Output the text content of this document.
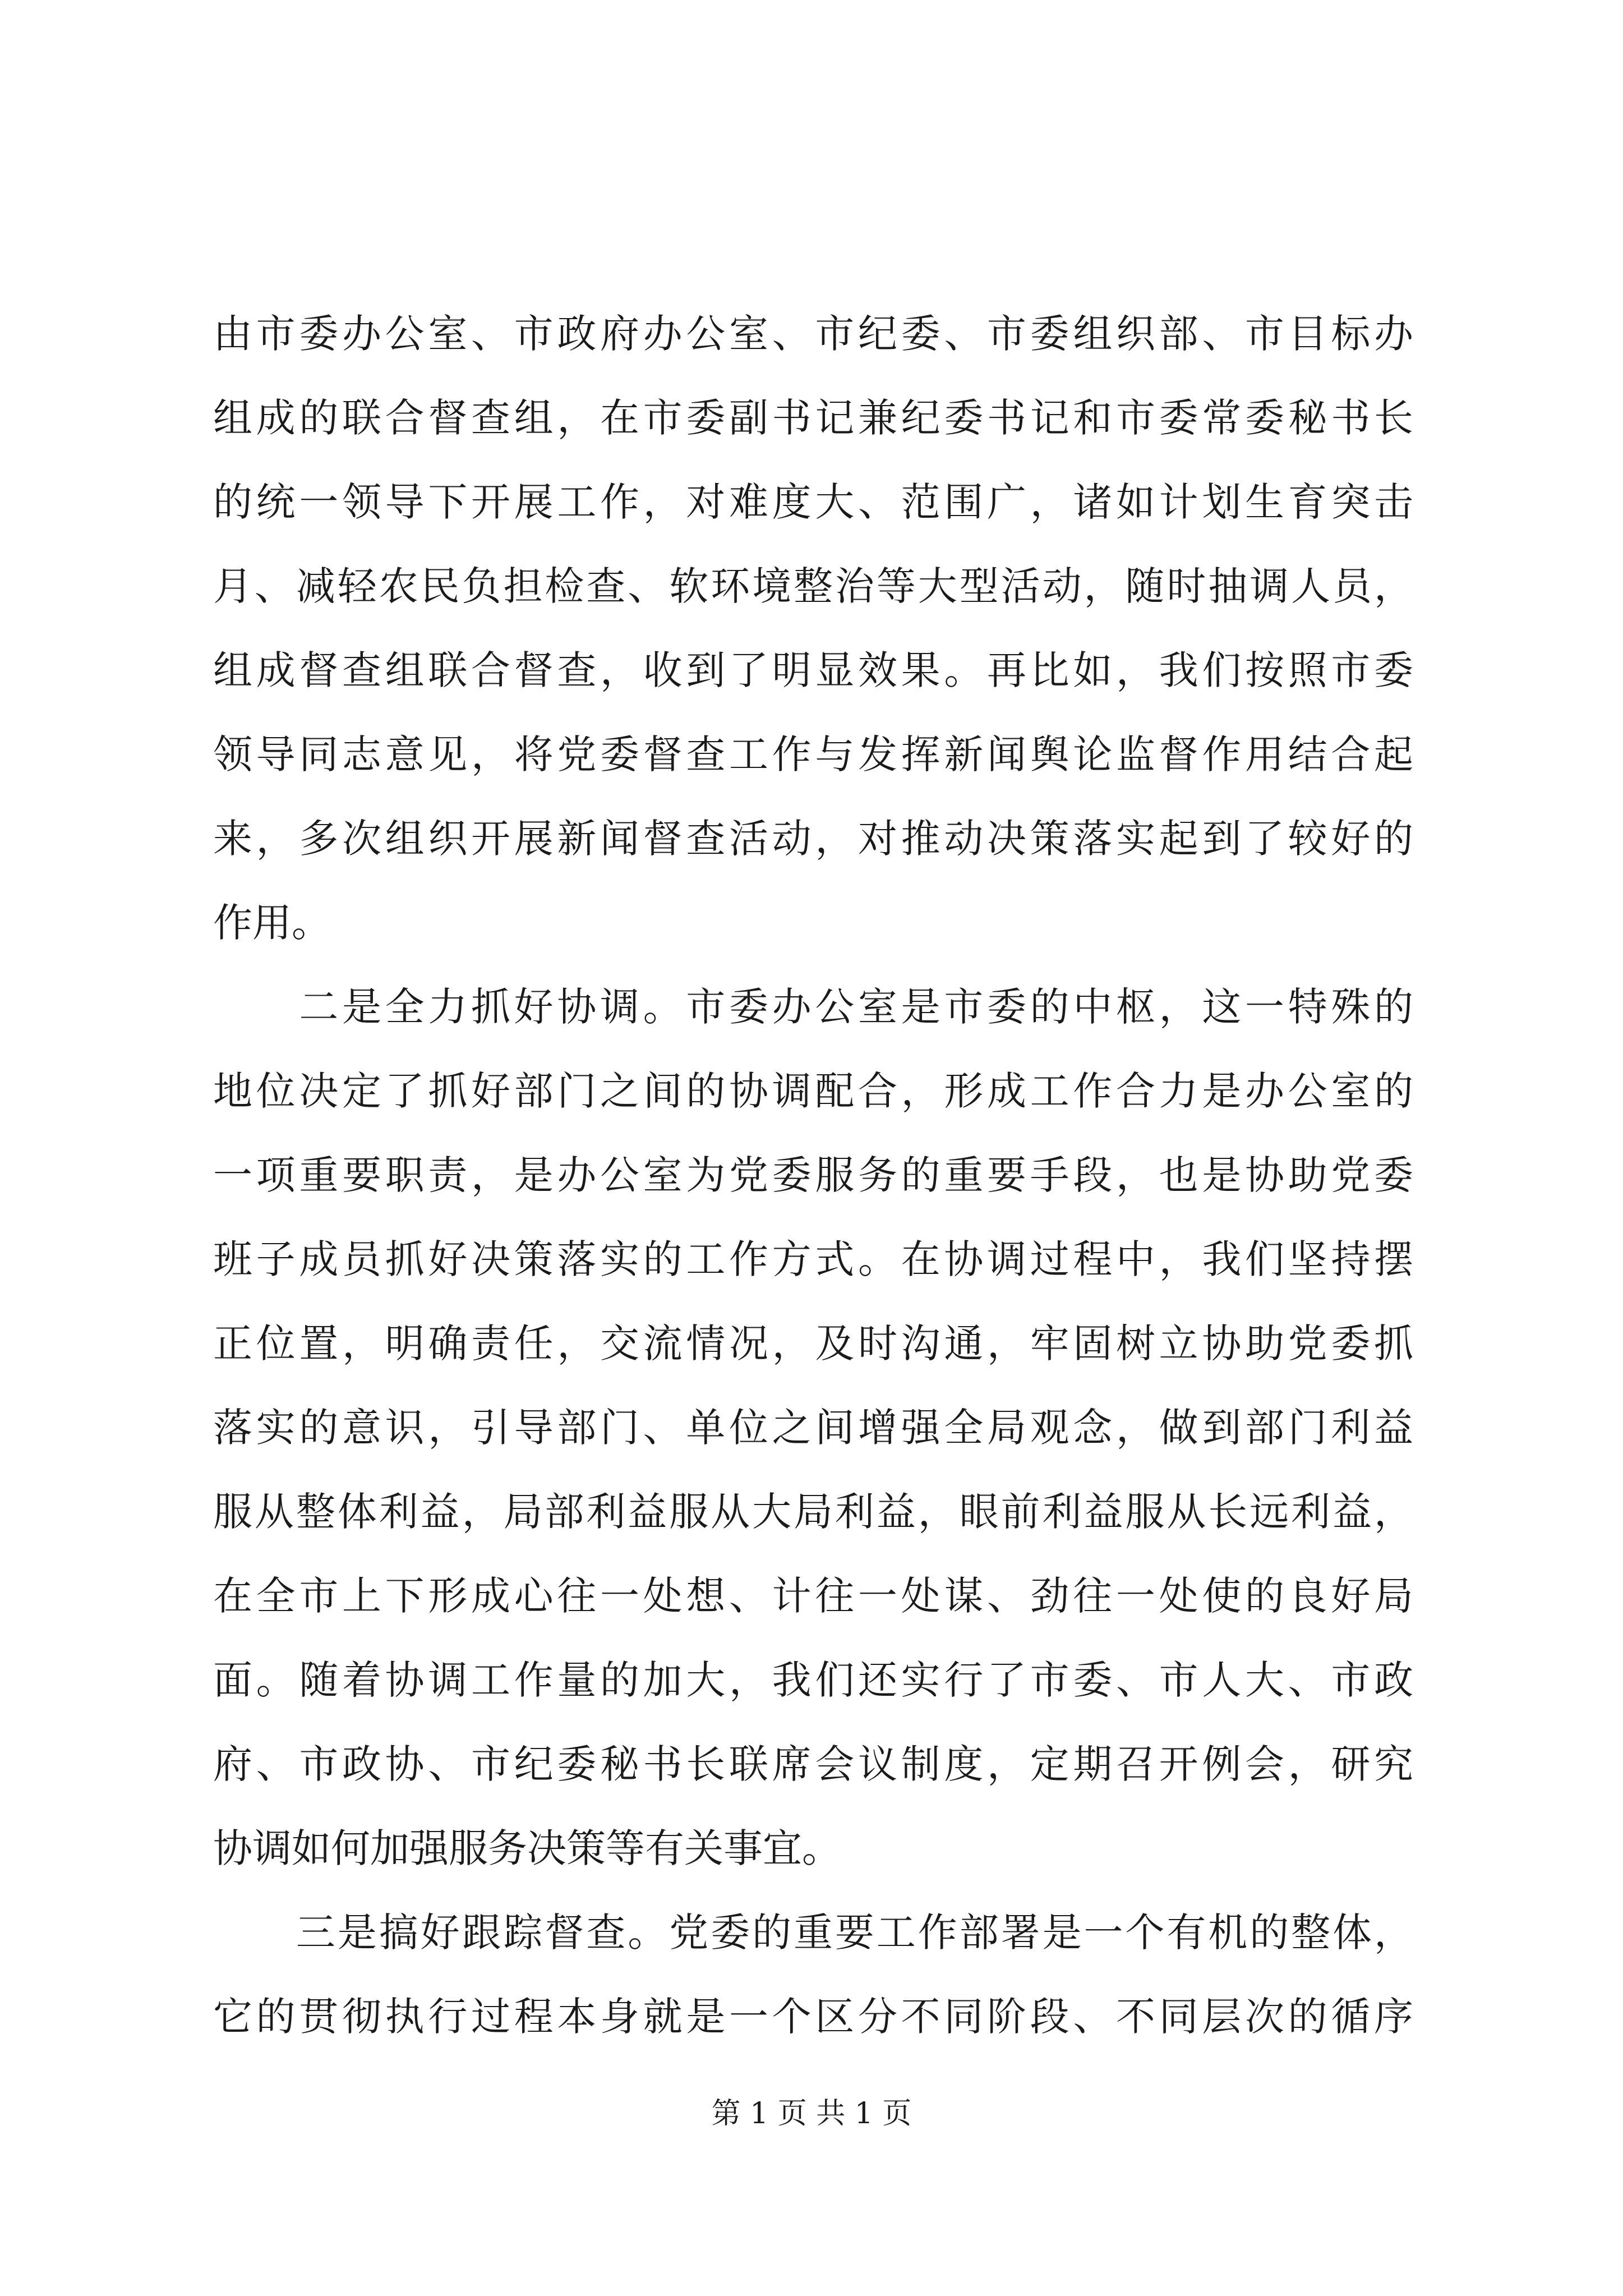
由市委办公室、市政府办公室、市纪委、市委组织部、市目标办
组成的联合督查组，在市委副书记兼纪委书记和市委常委秘书长
的统一领导下开展工作，对难度大、范围广，诸如计划生育突击
月、减轻农民负担检查、软环境整治等大型活动，随时抽调人员，
组成督查组联合督查，收到了明显效果。再比如，我们按照市委
领导同志意见，将党委督查工作与发挥新闻舆论监督作用结合起
来，多次组织开展新闻督查活动，对推动决策落实起到了较好的
作用。
　　二是全力抓好协调。市委办公室是市委的中枢，这一特殊的
地位决定了抓好部门之间的协调配合，形成工作合力是办公室的
一项重要职责，是办公室为党委服务的重要手段，也是协助党委
班子成员抓好决策落实的工作方式。在协调过程中，我们坚持摆
正位置，明确责任，交流情况，及时沟通，牢固树立协助党委抓
落实的意识，引导部门、单位之间增强全局观念，做到部门利益
服从整体利益，局部利益服从大局利益，眼前利益服从长远利益，
在全市上下形成心往一处想、计往一处谋、劲往一处使的良好局
面。随着协调工作量的加大，我们还实行了市委、市人大、市政
府、市政协、市纪委秘书长联席会议制度，定期召开例会，研究
协调如何加强服务决策等有关事宜。
　　三是搞好跟踪督查。党委的重要工作部署是一个有机的整体，
它的贯彻执行过程本身就是一个区分不同阶段、不同层次的循序
第 1 页 共 1 页
